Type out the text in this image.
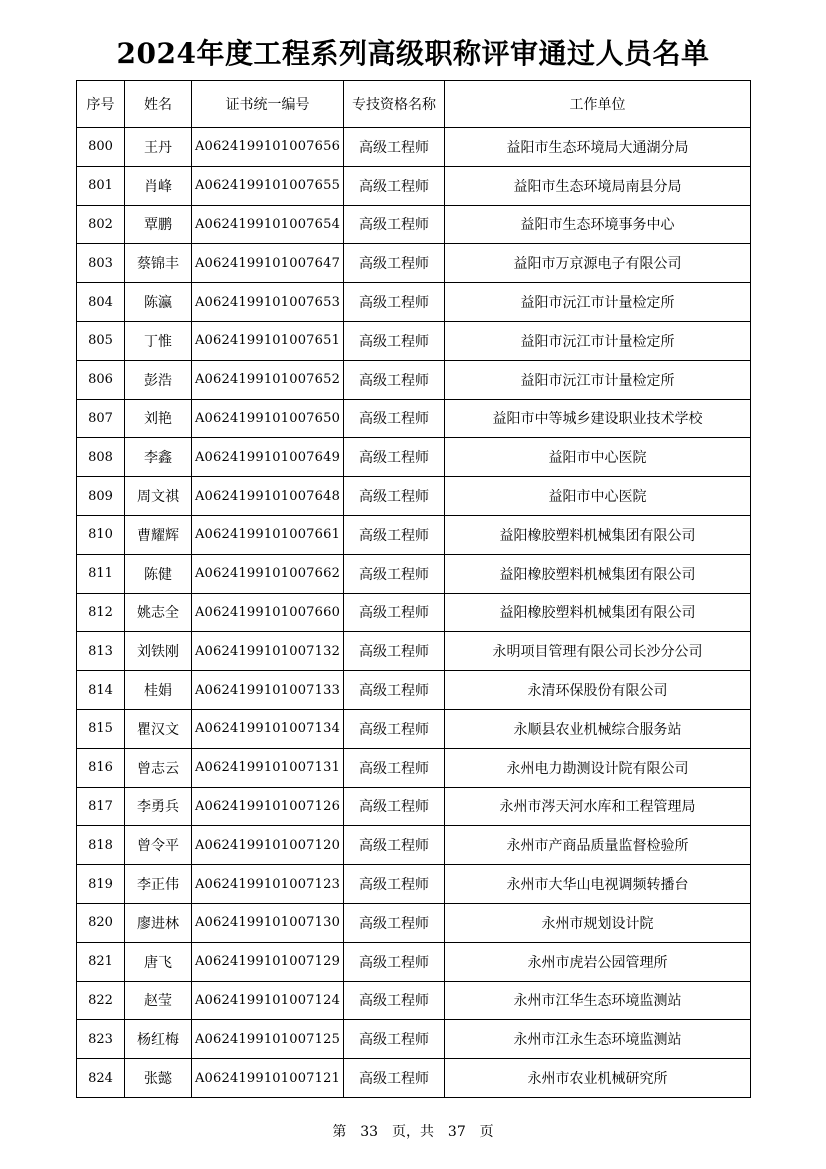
2024年度工程系列高级职称评审通过人员名单
序号	姓名	证书统一编号	专技资格名称	工作单位
800	王丹	A0624199101007656	高级工程师	益阳市生态环境局大通湖分局
801	肖峰	A0624199101007655	高级工程师	益阳市生态环境局南县分局
802	覃鹏	A0624199101007654	高级工程师	益阳市生态环境事务中心
803	蔡锦丰	A0624199101007647	高级工程师	益阳市万京源电子有限公司
804	陈瀛	A0624199101007653	高级工程师	益阳市沅江市计量检定所
805	丁惟	A0624199101007651	高级工程师	益阳市沅江市计量检定所
806	彭浩	A0624199101007652	高级工程师	益阳市沅江市计量检定所
807	刘艳	A0624199101007650	高级工程师	益阳市中等城乡建设职业技术学校
808	李鑫	A0624199101007649	高级工程师	益阳市中心医院
809	周文祺	A0624199101007648	高级工程师	益阳市中心医院
810	曹耀辉	A0624199101007661	高级工程师	益阳橡胶塑料机械集团有限公司
811	陈健	A0624199101007662	高级工程师	益阳橡胶塑料机械集团有限公司
812	姚志全	A0624199101007660	高级工程师	益阳橡胶塑料机械集团有限公司
813	刘铁刚	A0624199101007132	高级工程师	永明项目管理有限公司长沙分公司
814	桂娟	A0624199101007133	高级工程师	永清环保股份有限公司
815	瞿汉文	A0624199101007134	高级工程师	永顺县农业机械综合服务站
816	曾志云	A0624199101007131	高级工程师	永州电力勘测设计院有限公司
817	李勇兵	A0624199101007126	高级工程师	永州市涔天河水库和工程管理局
818	曾令平	A0624199101007120	高级工程师	永州市产商品质量监督检验所
819	李正伟	A0624199101007123	高级工程师	永州市大华山电视调频转播台
820	廖进林	A0624199101007130	高级工程师	永州市规划设计院
821	唐飞	A0624199101007129	高级工程师	永州市虎岩公园管理所
822	赵莹	A0624199101007124	高级工程师	永州市江华生态环境监测站
823	杨红梅	A0624199101007125	高级工程师	永州市江永生态环境监测站
824	张懿	A0624199101007121	高级工程师	永州市农业机械研究所
第 33 页，共 37 页
